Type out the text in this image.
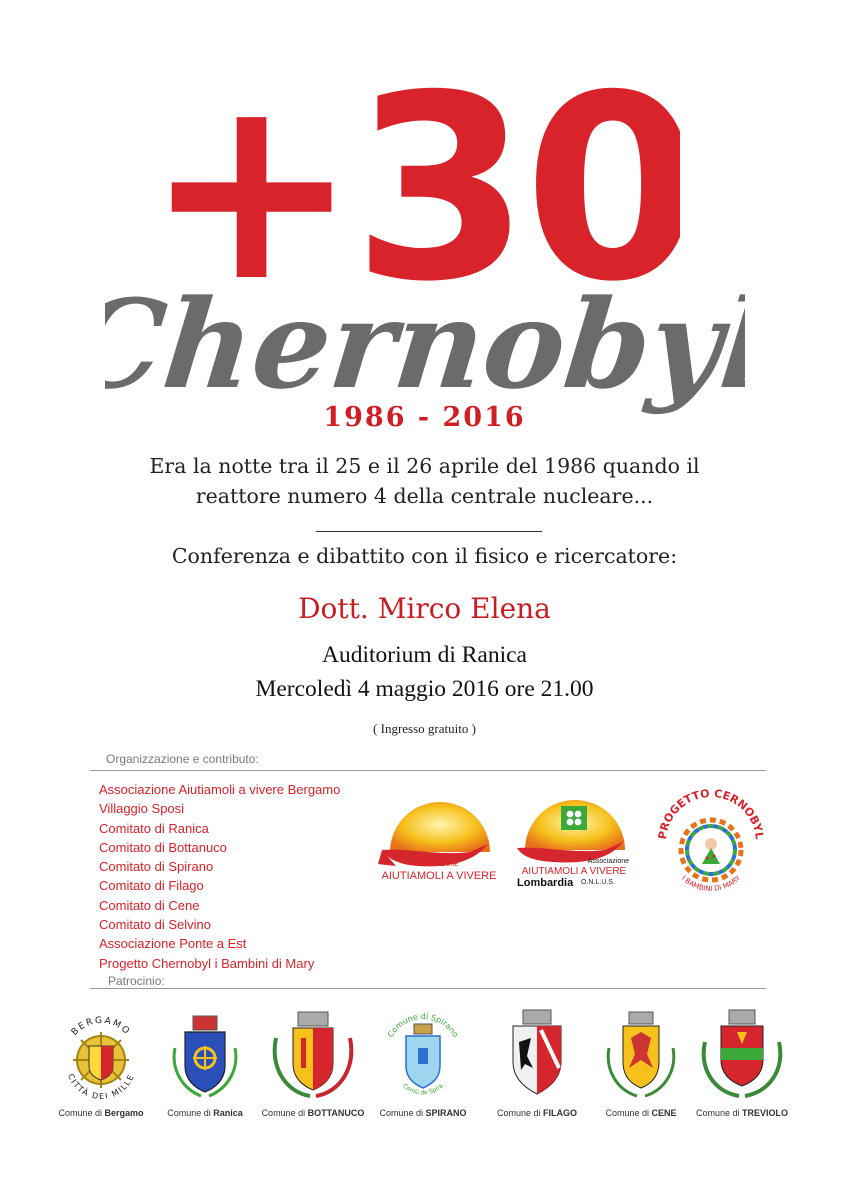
+30
Chernobyl
1986 - 2016
Era la notte tra il 25 e il 26 aprile del 1986 quando il
reattore numero 4 della centrale nucleare...
Conferenza e dibattito con il fisico e ricercatore:
Dott. Mirco Elena
Auditorium di Ranica
Mercoledì 4 maggio 2016 ore 21.00
( Ingresso gratuito )
Organizzazione e contributo:
Associazione Aiutiamoli a vivere Bergamo
Villaggio Sposi
Comitato di Ranica
Comitato di Bottanuco
Comitato di Spirano
Comitato di Filago
Comitato di Cene
Comitato di Selvino
Associazione Ponte a Est
Progetto Chernobyl i Bambini di Mary
FONDAZIONE
AIUTIAMOLI A VIVERE
Associazione
AIUTIAMOLI A VIVERE
Lombardia	O.N.L.U.S.
PROGETTO CERNOBYL
I BAMBINI DI MARY
Patrocinio:
BERGAMO
CITTÀ DEI MILLE
Comune di Bergamo	Comune di Ranica	Comune di BOTTANUCO
Comune di Spirano
Comü de Spirà
Comune di SPIRANO	Comune di FILAGO	Comune di CENE	Comune di TREVIOLO
